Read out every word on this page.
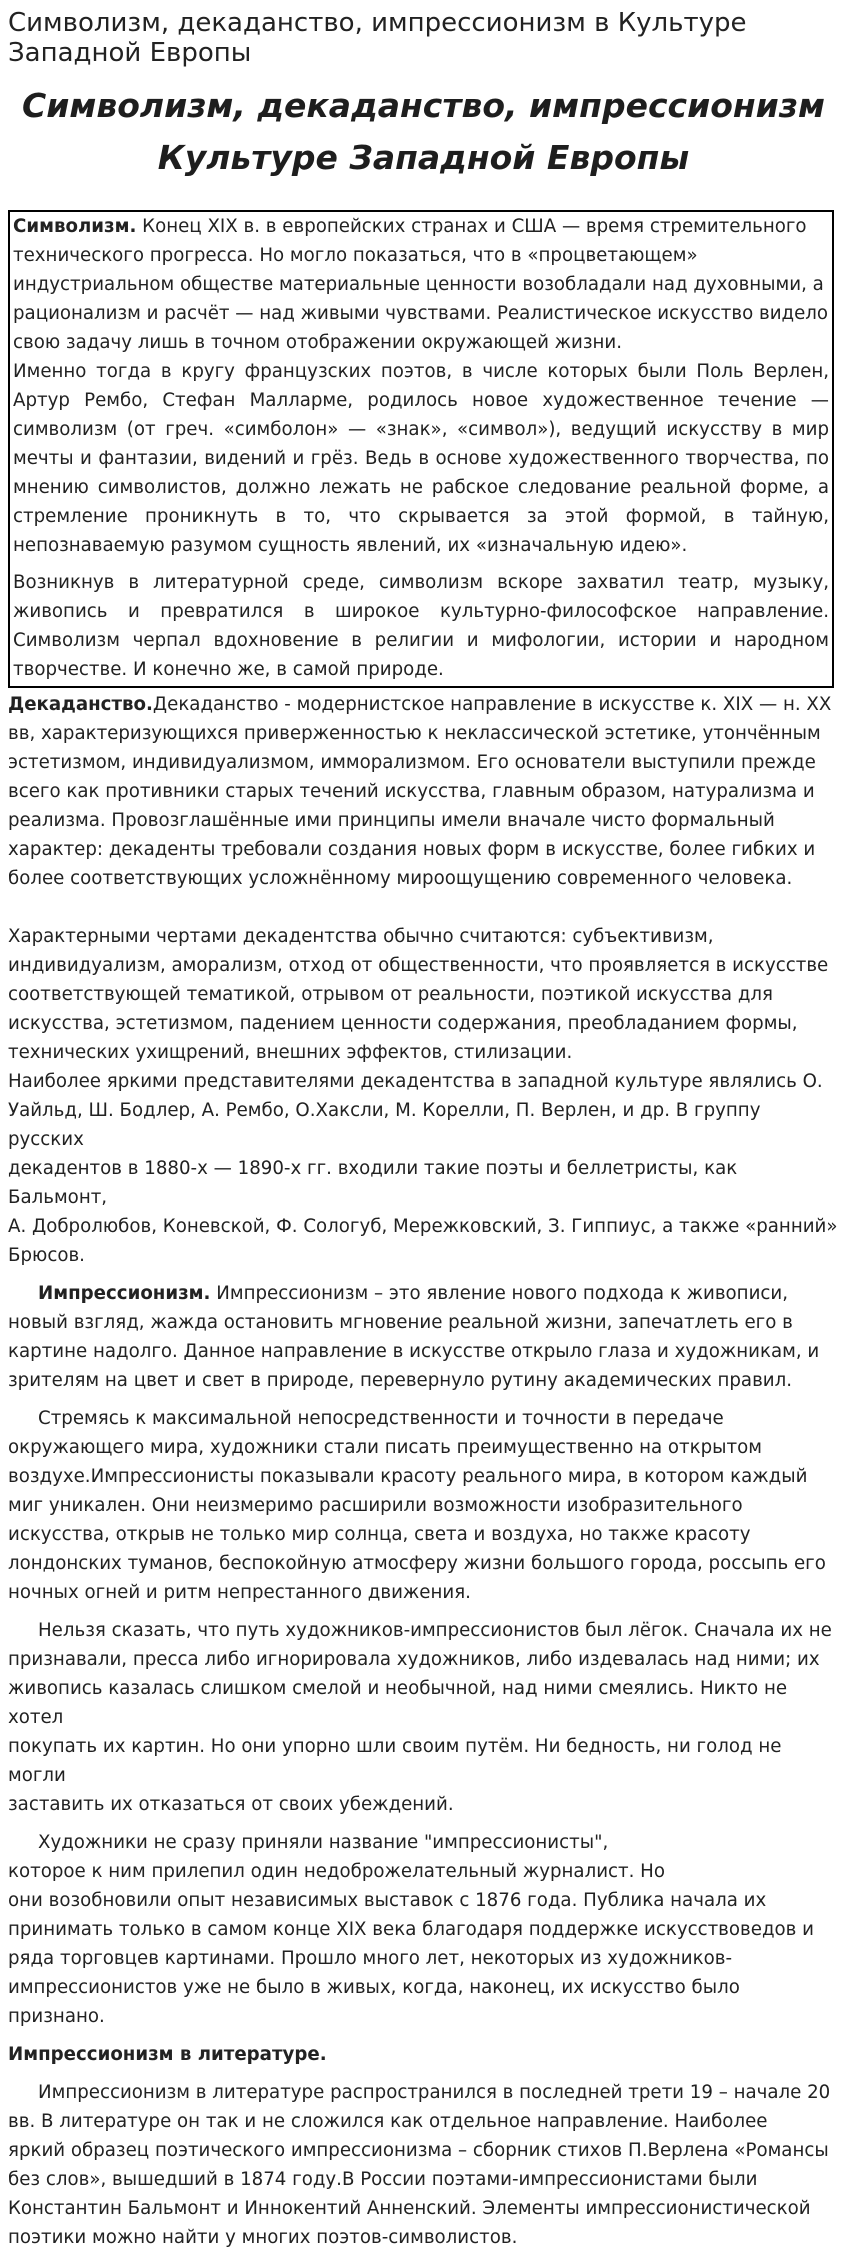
Символизм, декаданство, импрессионизм в Культуре Западной Европы
Символизм, декаданство, импрессионизм Культуре Западной Европы

Символизм. Конец XIX в. в европейских странах и США — время стремительного
технического прогресса. Но могло показаться, что в «процветающем»
индустриальном обществе материальные ценности возобладали над духовными, а
рационализм и расчёт — над живыми чувствами. Реалистическое искусство видело
свою задачу лишь в точном отображении окружающей жизни.

Именно тогда в кругу французских поэтов, в числе которых были Поль Верлен, Артур Рембо, Стефан Малларме, родилось новое художественное течение — символизм (от греч. «симболон» — «знак», «символ»), ведущий искусству в мир мечты и фантазии, видений и грёз. Ведь в основе художественного творчества, по мнению символистов, должно лежать не рабское следование реальной форме, а стремление проникнуть в то, что скрывается за этой формой, в тайную, непознаваемую разумом сущность явлений, их «изначальную идею».

Возникнув в литературной среде, символизм вскоре захватил театр, музыку, живопись и превратился в широкое культурно-философское направление. Символизм черпал вдохновение в религии и мифологии, истории и народном творчестве. И конечно же, в самой природе.

Декаданство.Декаданство - модернистское направление в искусстве к. XIX — н. XX
вв, характеризующихся приверженностью к неклассической эстетике, утончённым
эстетизмом, индивидуализмом, имморализмом. Его основатели выступили прежде
всего как противники старых течений искусства, главным образом, натурализма и
реализма. Провозглашённые ими принципы имели вначале чисто формальный
характер: декаденты требовали создания новых форм в искусстве, более гибких и
более соответствующих усложнённому мироощущению современного человека.

Характерными чертами декадентства обычно считаются: субъективизм,
индивидуализм, аморализм, отход от общественности, что проявляется в искусстве
соответствующей тематикой, отрывом от реальности, поэтикой искусства для
искусства, эстетизмом, падением ценности содержания, преобладанием формы,
технических ухищрений, внешних эффектов, стилизации.
Наиболее яркими представителями декадентства в западной культуре являлись О.
Уайльд, Ш. Бодлер, А. Рембо, О.Хаксли, М. Корелли, П. Верлен, и др. В группу русских
декадентов в 1880-х — 1890-х гг. входили такие поэты и беллетристы, как Бальмонт,
А. Добролюбов, Коневской, Ф. Сологуб, Мережковский, З. Гиппиус, а также «ранний»
Брюсов.

Импрессионизм. Импрессионизм – это явление нового подхода к живописи,
новый взгляд, жажда остановить мгновение реальной жизни, запечатлеть его в
картине надолго. Данное направление в искусстве открыло глаза и художникам, и
зрителям на цвет и свет в природе, перевернуло рутину академических правил.

Стремясь к максимальной непосредственности и точности в передаче
окружающего мира, художники стали писать преимущественно на открытом
воздухе.Импрессионисты показывали красоту реального мира, в котором каждый
миг уникален. Они неизмеримо расширили возможности изобразительного
искусства, открыв не только мир солнца, света и воздуха, но также красоту
лондонских туманов, беспокойную атмосферу жизни большого города, россыпь его
ночных огней и ритм непрестанного движения.

Нельзя сказать, что путь художников-импрессионистов был лёгок. Сначала их не
признавали, пресса либо игнорировала художников, либо издевалась над ними; их
живопись казалась слишком смелой и необычной, над ними смеялись. Никто не хотел
покупать их картин. Но они упорно шли своим путём. Ни бедность, ни голод не могли
заставить их отказаться от своих убеждений.

Художники не сразу приняли название "импрессионисты",
которое к ним прилепил один недоброжелательный журналист. Но
они возобновили опыт независимых выставок с 1876 года. Публика начала их
принимать только в самом конце XIX века благодаря поддержке искусствоведов и
ряда торговцев картинами. Прошло много лет, некоторых из художников-
импрессионистов уже не было в живых, когда, наконец, их искусство было признано.

Импрессионизм в литературе.

Импрессионизм в литературе распространился в последней трети 19 – начале 20
вв. В литературе он так и не сложился как отдельное направление. Наиболее
яркий образец поэтического импрессионизма – сборник стихов П.Верлена «Романсы
без слов», вышедший в 1874 году.В России поэтами-импрессионистами были
Константин Бальмонт и Иннокентий Анненский. Элементы импрессионистической
поэтики можно найти у многих поэтов-символистов.
